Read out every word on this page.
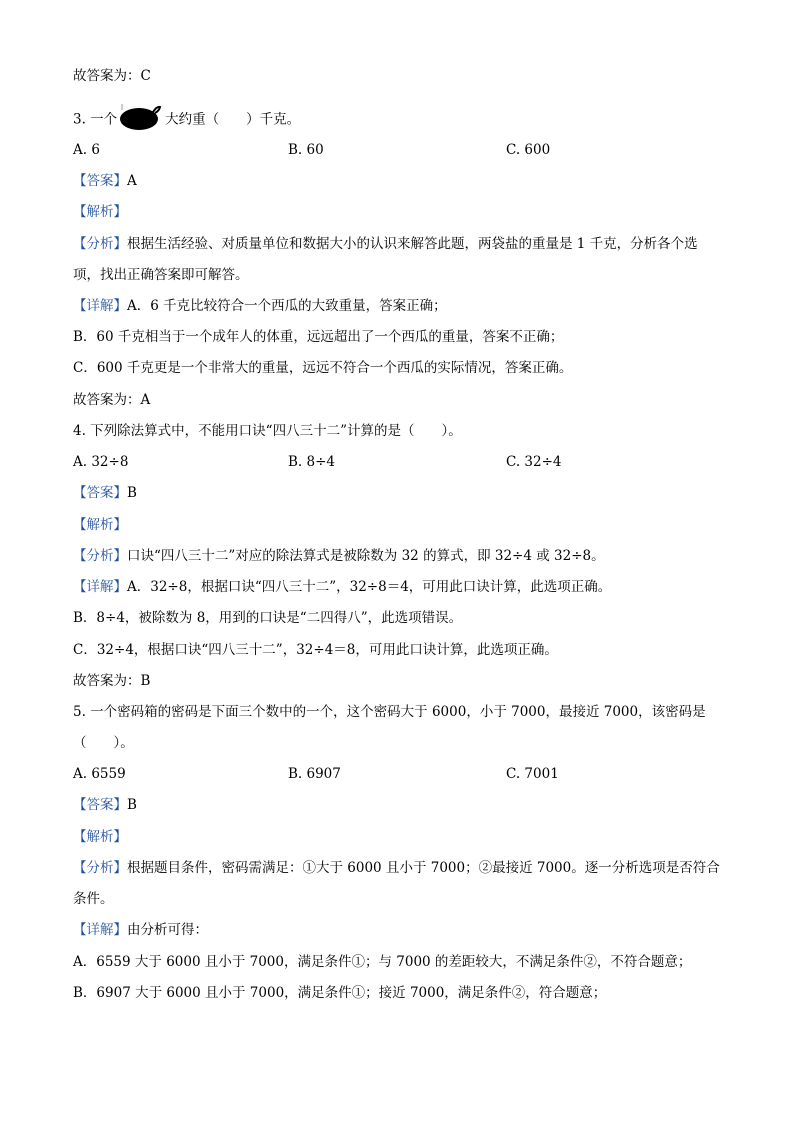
故答案为：C
3. 一个	大约重（　　）千克。
A. 6	B. 60	C. 600
【答案】A
【解析】
【分析】根据生活经验、对质量单位和数据大小的认识来解答此题，两袋盐的重量是 1 千克，分析各个选
项，找出正确答案即可解答。
【详解】A．6 千克比较符合一个西瓜的大致重量，答案正确；
B．60 千克相当于一个成年人的体重，远远超出了一个西瓜的重量，答案不正确；
C．600 千克更是一个非常大的重量，远远不符合一个西瓜的实际情况，答案正确。
故答案为：A
4. 下列除法算式中，不能用口诀“四八三十二”计算的是（　　）。
A. 32÷8	B. 8÷4	C. 32÷4
【答案】B
【解析】
【分析】口诀“四八三十二”对应的除法算式是被除数为 32 的算式，即 32÷4 或 32÷8。
【详解】A．32÷8，根据口诀“四八三十二”，32÷8＝4，可用此口诀计算，此选项正确。
B．8÷4，被除数为 8，用到的口诀是“二四得八”，此选项错误。
C．32÷4，根据口诀“四八三十二”，32÷4＝8，可用此口诀计算，此选项正确。
故答案为：B
5. 一个密码箱的密码是下面三个数中的一个，这个密码大于 6000，小于 7000，最接近 7000，该密码是
（　　）。
A. 6559	B. 6907	C. 7001
【答案】B
【解析】
【分析】根据题目条件，密码需满足：①大于 6000 且小于 7000；②最接近 7000。逐一分析选项是否符合
条件。
【详解】由分析可得：
A．6559 大于 6000 且小于 7000，满足条件①；与 7000 的差距较大，不满足条件②，不符合题意；
B．6907 大于 6000 且小于 7000，满足条件①；接近 7000，满足条件②，符合题意；
